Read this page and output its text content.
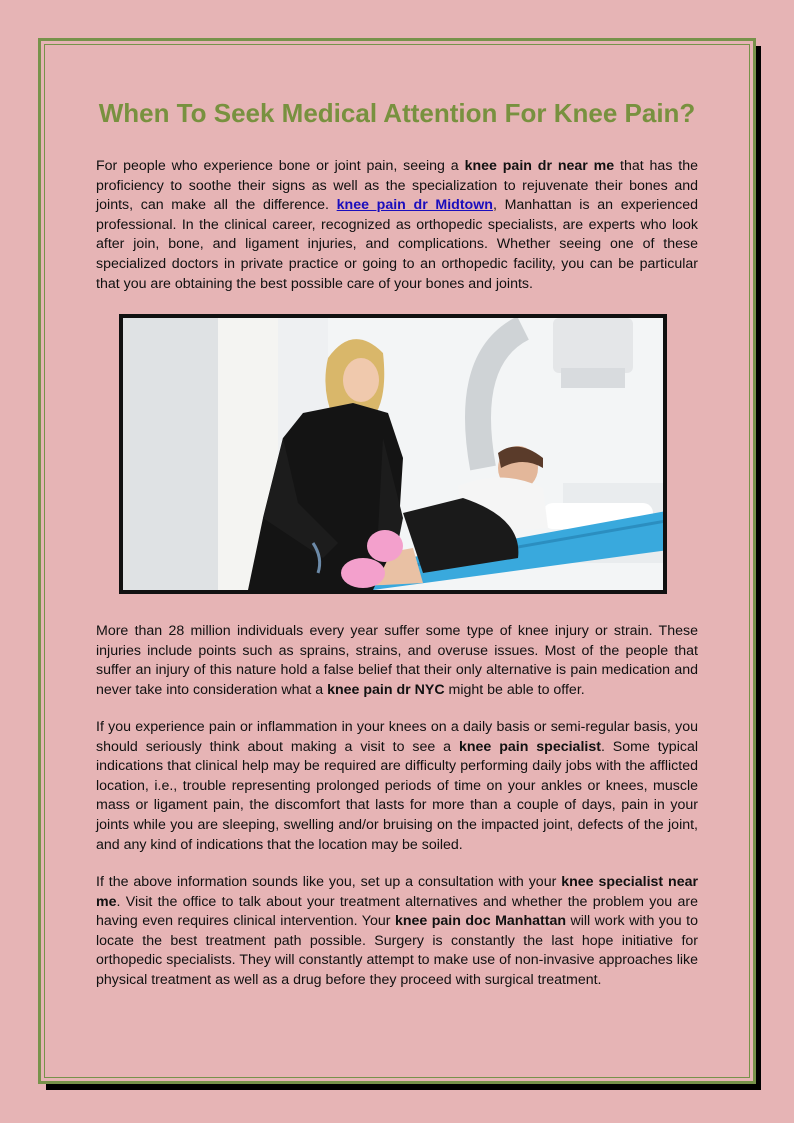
When To Seek Medical Attention For Knee Pain?

For people who experience bone or joint pain, seeing a knee pain dr near me that has the proficiency to soothe their signs as well as the specialization to rejuvenate their bones and joints, can make all the difference. knee pain dr Midtown, Manhattan is an experienced professional. In the clinical career, recognized as orthopedic specialists, are experts who look after join, bone, and ligament injuries, and complications. Whether seeing one of these specialized doctors in private practice or going to an orthopedic facility, you can be particular that you are obtaining the best possible care of your bones and joints.

More than 28 million individuals every year suffer some type of knee injury or strain. These injuries include points such as sprains, strains, and overuse issues. Most of the people that suffer an injury of this nature hold a false belief that their only alternative is pain medication and never take into consideration what a knee pain dr NYC might be able to offer.

If you experience pain or inflammation in your knees on a daily basis or semi-regular basis, you should seriously think about making a visit to see a knee pain specialist. Some typical indications that clinical help may be required are difficulty performing daily jobs with the afflicted location, i.e., trouble representing prolonged periods of time on your ankles or knees, muscle mass or ligament pain, the discomfort that lasts for more than a couple of days, pain in your joints while you are sleeping, swelling and/or bruising on the impacted joint, defects of the joint, and any kind of indications that the location may be soiled.

If the above information sounds like you, set up a consultation with your knee specialist near me. Visit the office to talk about your treatment alternatives and whether the problem you are having even requires clinical intervention. Your knee pain doc Manhattan will work with you to locate the best treatment path possible. Surgery is constantly the last hope initiative for orthopedic specialists. They will constantly attempt to make use of non-invasive approaches like physical treatment as well as a drug before they proceed with surgical treatment.
